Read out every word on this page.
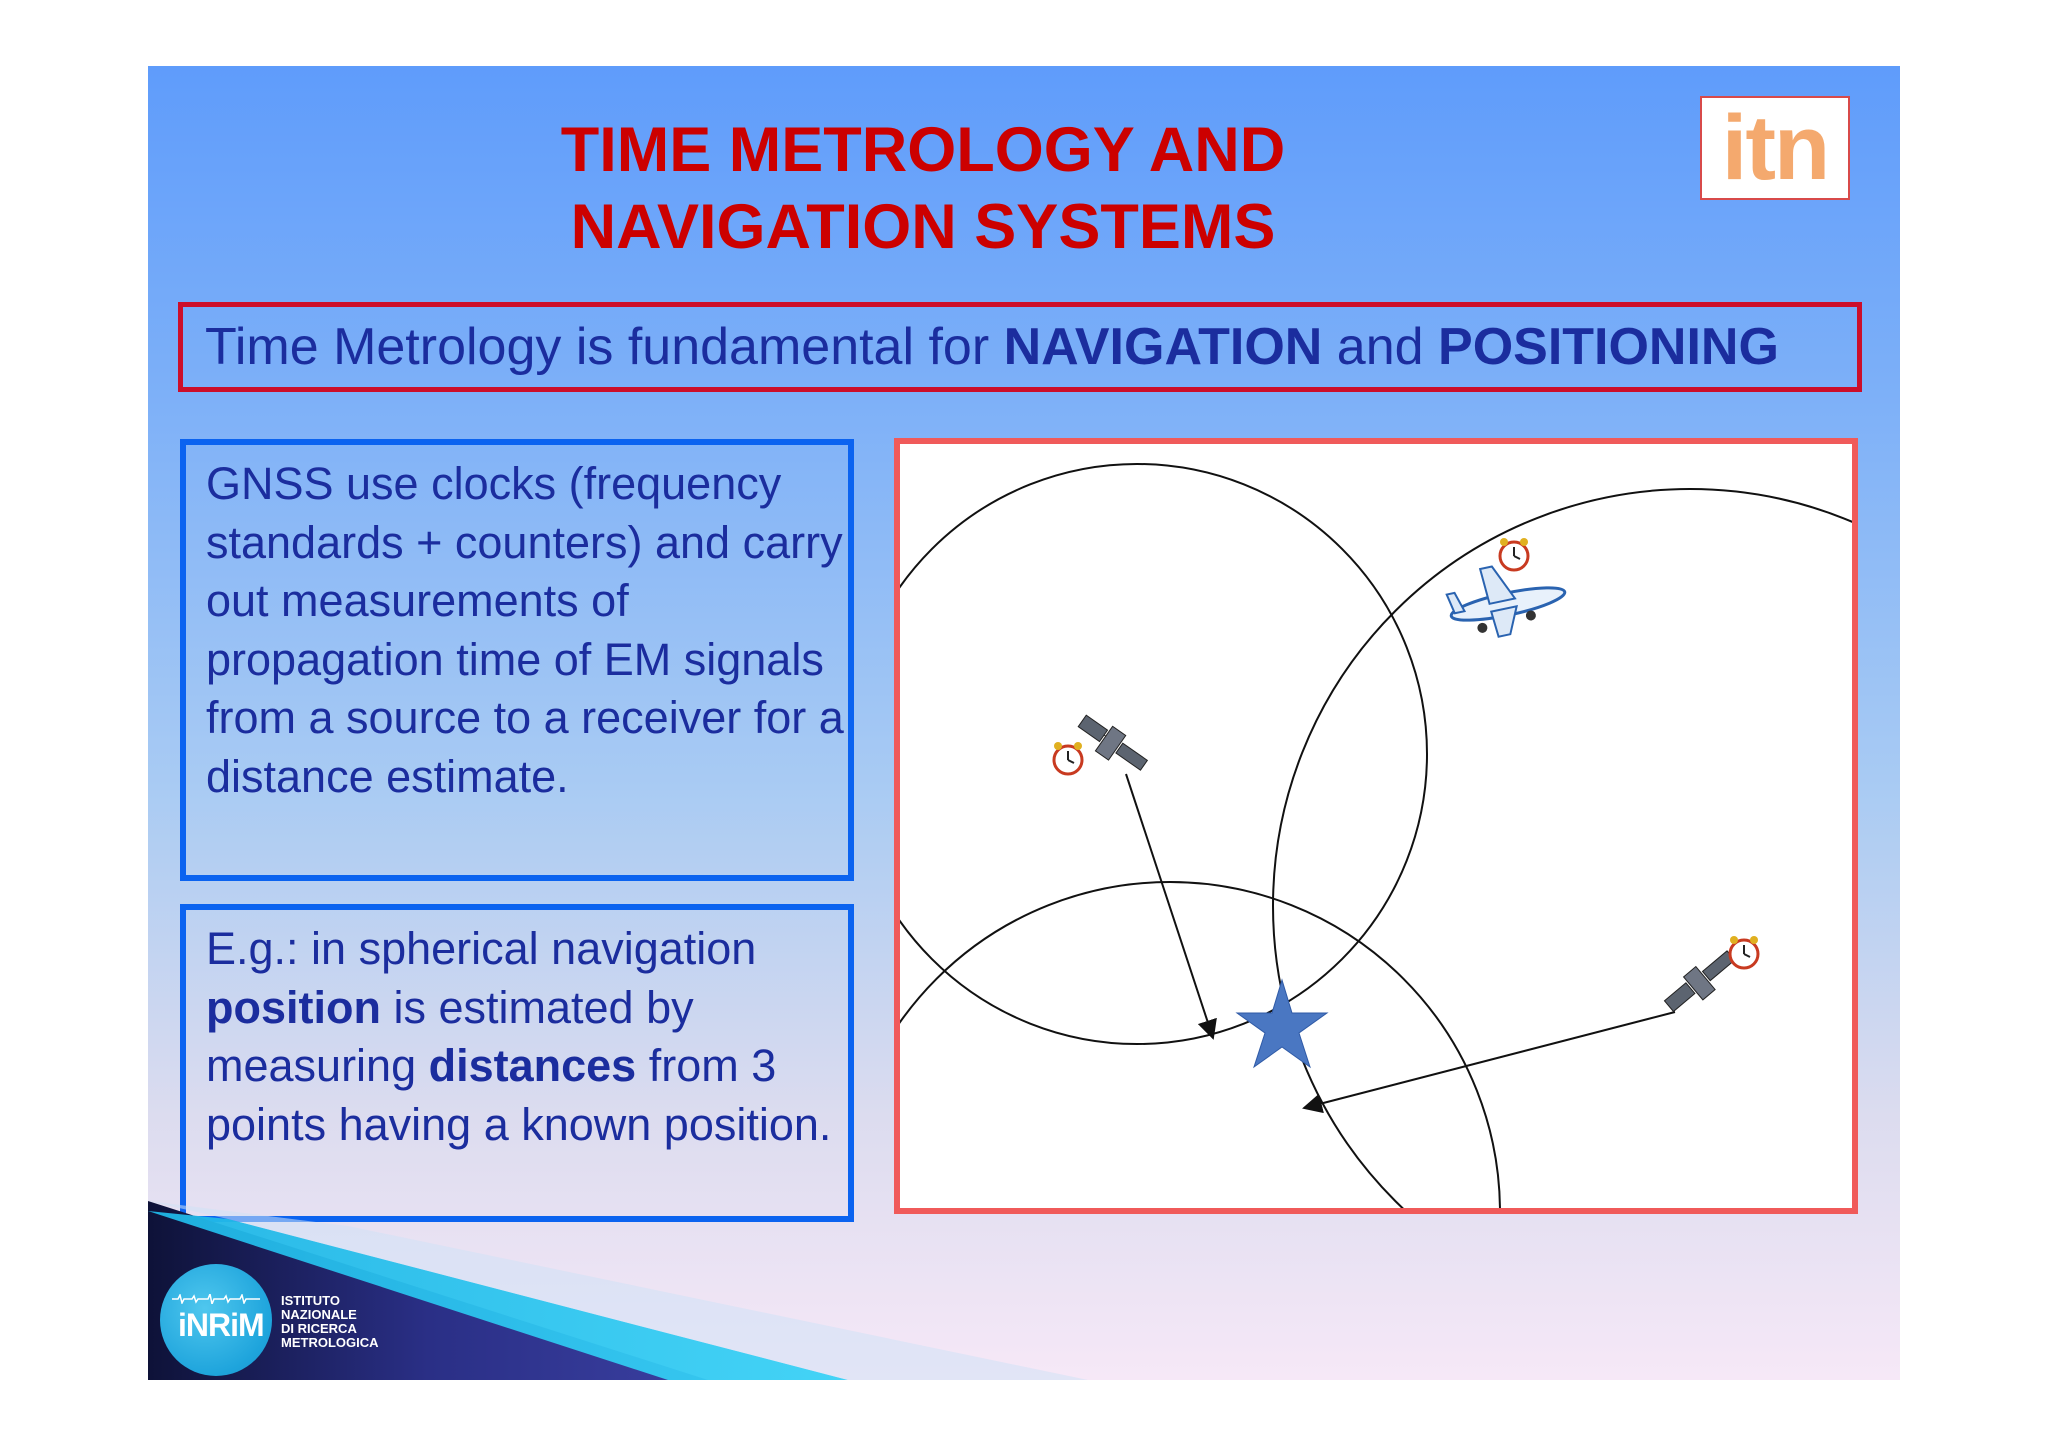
TIME METROLOGY AND
NAVIGATION SYSTEMS
itn
Time Metrology is fundamental for NAVIGATION and POSITIONING
GNSS use clocks (frequency standards + counters) and carry out measurements of propagation time of EM signals from a source to a receiver for a distance estimate.
E.g.: in spherical navigation position is estimated by measuring distances from 3 points having a known position.
iNRiM
ISTITUTO
NAZIONALE
DI RICERCA
METROLOGICA
